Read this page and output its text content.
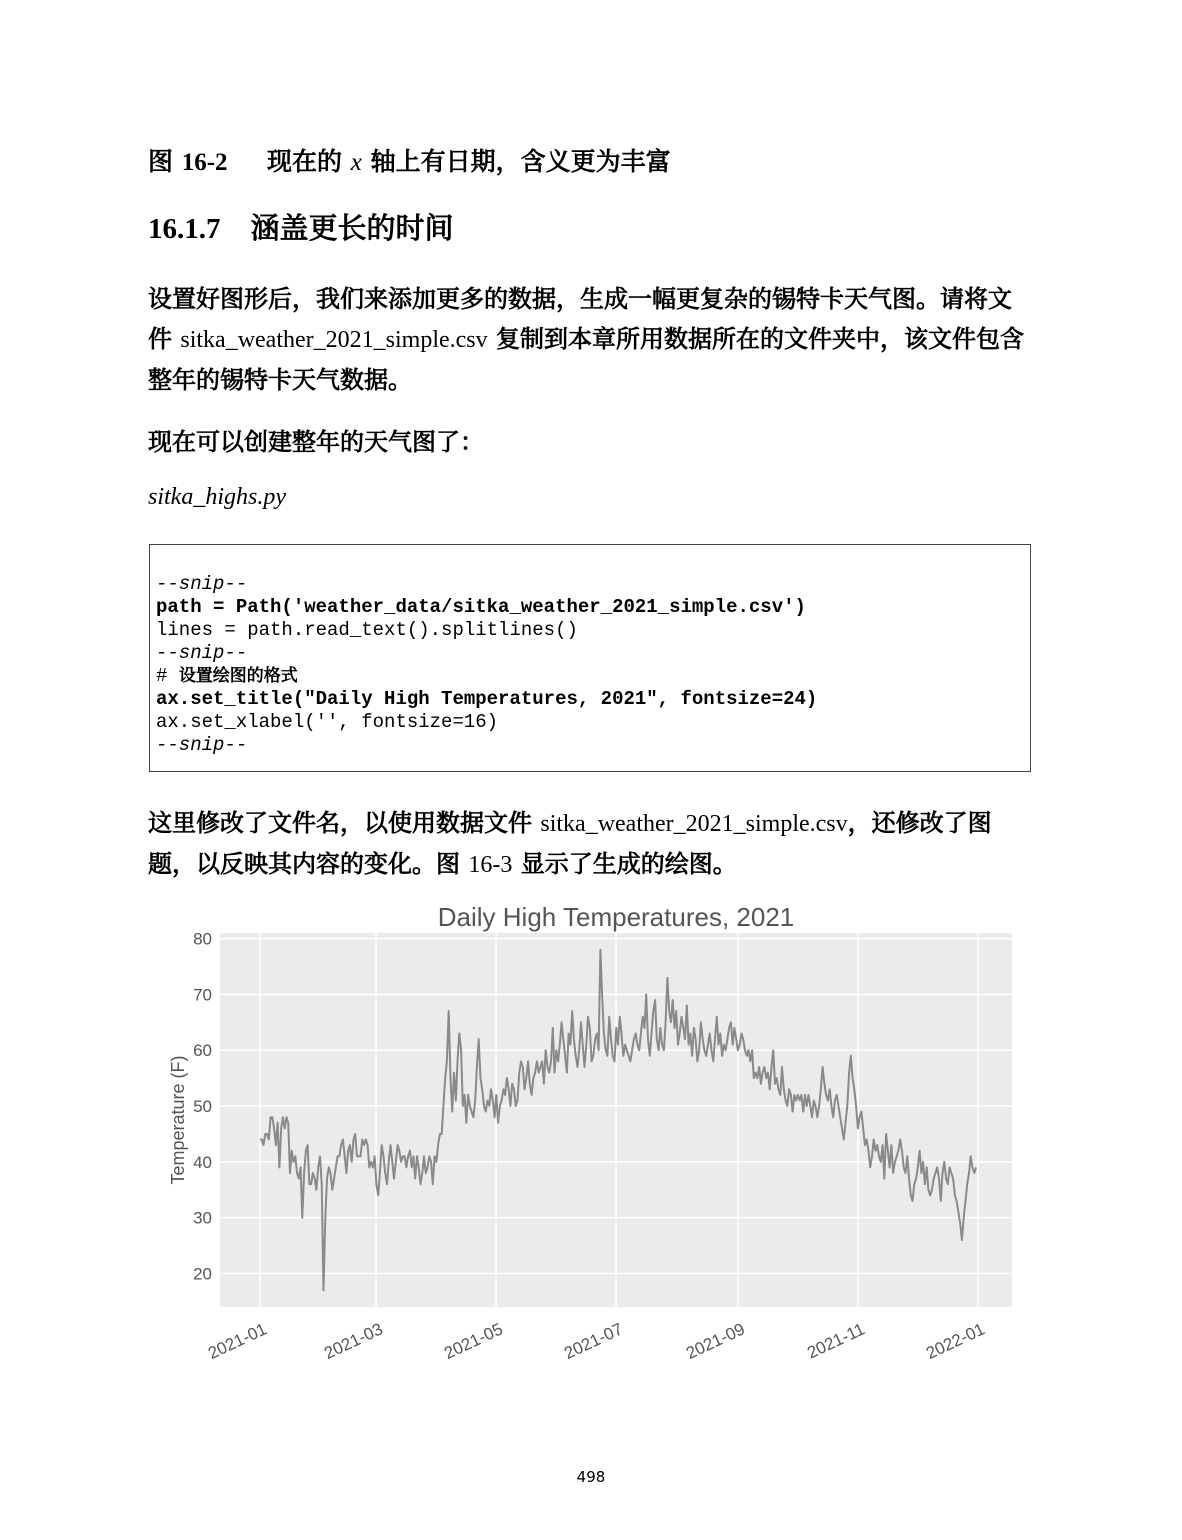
图 16-2 现在的 x 轴上有日期，含义更为丰富
16.1.7 涵盖更长的时间
设置好图形后，我们来添加更多的数据，生成一幅更复杂的锡特卡天气图。请将文件 sitka_weather_2021_simple.csv 复制到本章所用数据所在的文件夹中，该文件包含整年的锡特卡天气数据。
现在可以创建整年的天气图了：
sitka_highs.py
--snip--
path = Path('weather_data/sitka_weather_2021_simple.csv')
lines = path.read_text().splitlines()
--snip--
# 设置绘图的格式
ax.set_title("Daily High Temperatures, 2021", fontsize=24)
ax.set_xlabel('', fontsize=16)
--snip--
这里修改了文件名，以使用数据文件 sitka_weather_2021_simple.csv，还修改了图题，以反映其内容的变化。图 16-3 显示了生成的绘图。
Daily High Temperatures, 2021
Temperature (F)
20
30
40
50
60
70
80
2021-01	2021-03	2021-05	2021-07	2021-09	2021-11	2022-01
498
